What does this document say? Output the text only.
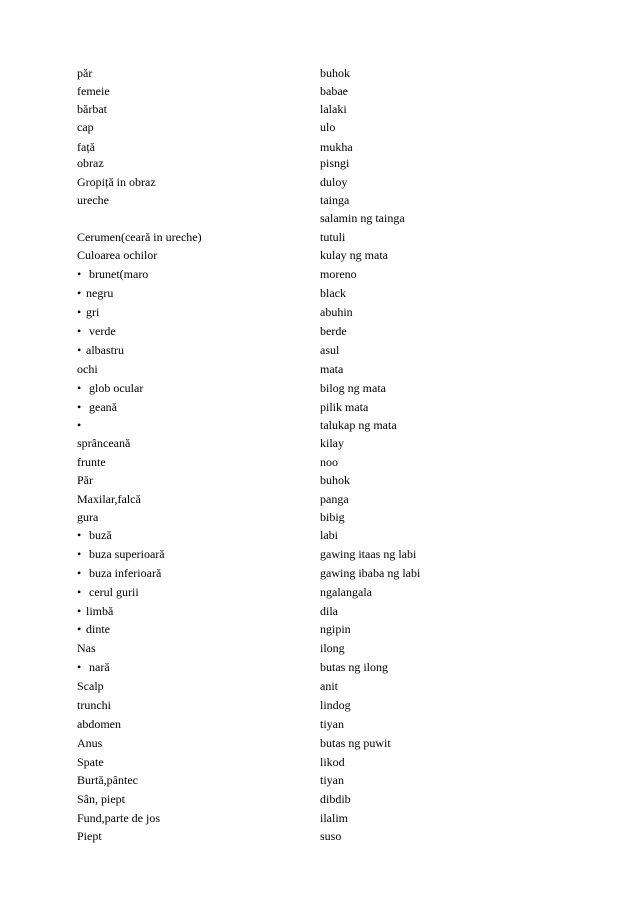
păr
femeie
bărbat
cap
față
obraz
Gropiță in obraz
ureche
Cerumen(ceară in ureche)
Culoarea ochilor
• brunet(maro
• negru
• gri
• verde
• albastru
ochi
• glob ocular
• geană
•
sprânceană
frunte
Păr
Maxilar,falcă
gura
• buză
• buza superioară
• buza inferioară
• cerul gurii
• limbă
• dinte
Nas
• nară
Scalp
trunchi
abdomen
Anus
Spate
Burtă,pântec
Sân, piept
Fund,parte de jos
Piept
buhok
babae
lalaki
ulo
mukha
pisngi
duloy
tainga
salamin ng tainga
tutuli
kulay ng mata
moreno
black
abuhin
berde
asul
mata
bilog ng mata
pilik mata
talukap ng mata
kilay
noo
buhok
panga
bibig
labi
gawing itaas ng labi
gawing ibaba ng labi
ngalangala
dila
ngipin
ilong
butas ng ilong
anit
lindog
tiyan
butas ng puwit
likod
tiyan
dibdib
ilalim
suso
